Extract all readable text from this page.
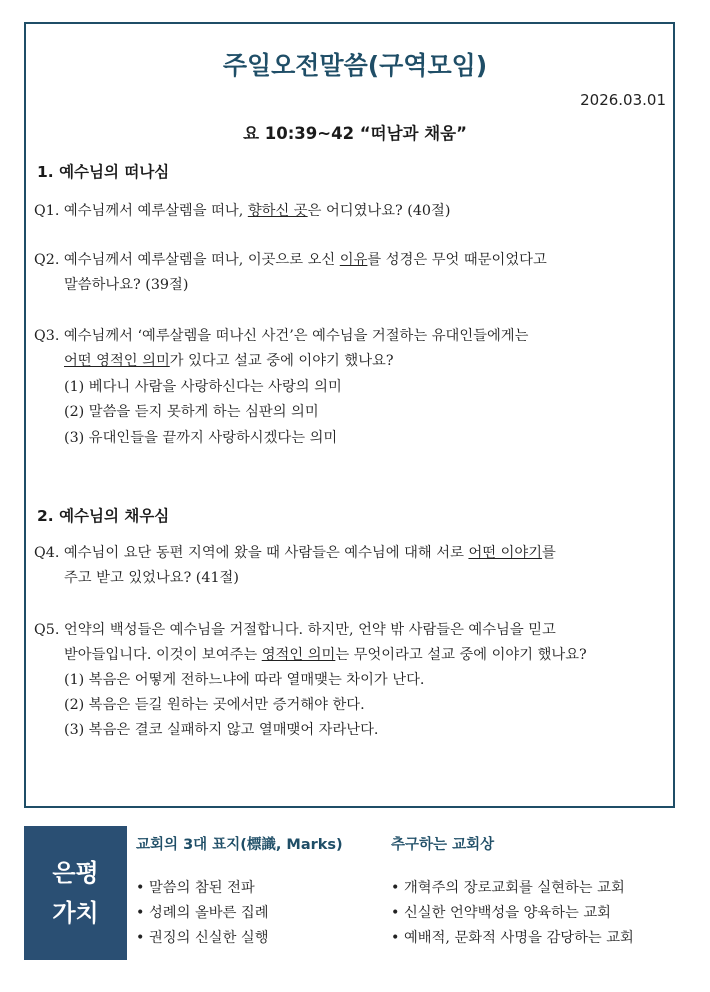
주일오전말씀(구역모임)
2026.03.01
요 10:39~42 “떠남과 채움”
1. 예수님의 떠나심
Q1. 예수님께서 예루살렘을 떠나, 향하신 곳은 어디였나요? (40절)
Q2. 예수님께서 예루살렘을 떠나, 이곳으로 오신 이유를 성경은 무엇 때문이었다고
말씀하나요? (39절)
Q3. 예수님께서 ‘예루살렘을 떠나신 사건’은 예수님을 거절하는 유대인들에게는
어떤 영적인 의미가 있다고 설교 중에 이야기 했나요?
(1) 베다니 사람을 사랑하신다는 사랑의 의미
(2) 말씀을 듣지 못하게 하는 심판의 의미
(3) 유대인들을 끝까지 사랑하시겠다는 의미
2. 예수님의 채우심
Q4. 예수님이 요단 동편 지역에 왔을 때 사람들은 예수님에 대해 서로 어떤 이야기를
주고 받고 있었나요? (41절)
Q5. 언약의 백성들은 예수님을 거절합니다. 하지만, 언약 밖 사람들은 예수님을 믿고
받아들입니다. 이것이 보여주는 영적인 의미는 무엇이라고 설교 중에 이야기 했나요?
(1) 복음은 어떻게 전하느냐에 따라 열매맺는 차이가 난다.
(2) 복음은 듣길 원하는 곳에서만 증거해야 한다.
(3) 복음은 결코 실패하지 않고 열매맺어 자라난다.
은평
가치
교회의 3대 표지(標識, Marks)
• 말씀의 참된 전파
• 성례의 올바른 집례
• 권징의 신실한 실행
추구하는 교회상
• 개혁주의 장로교회를 실현하는 교회
• 신실한 언약백성을 양육하는 교회
• 예배적, 문화적 사명을 감당하는 교회
